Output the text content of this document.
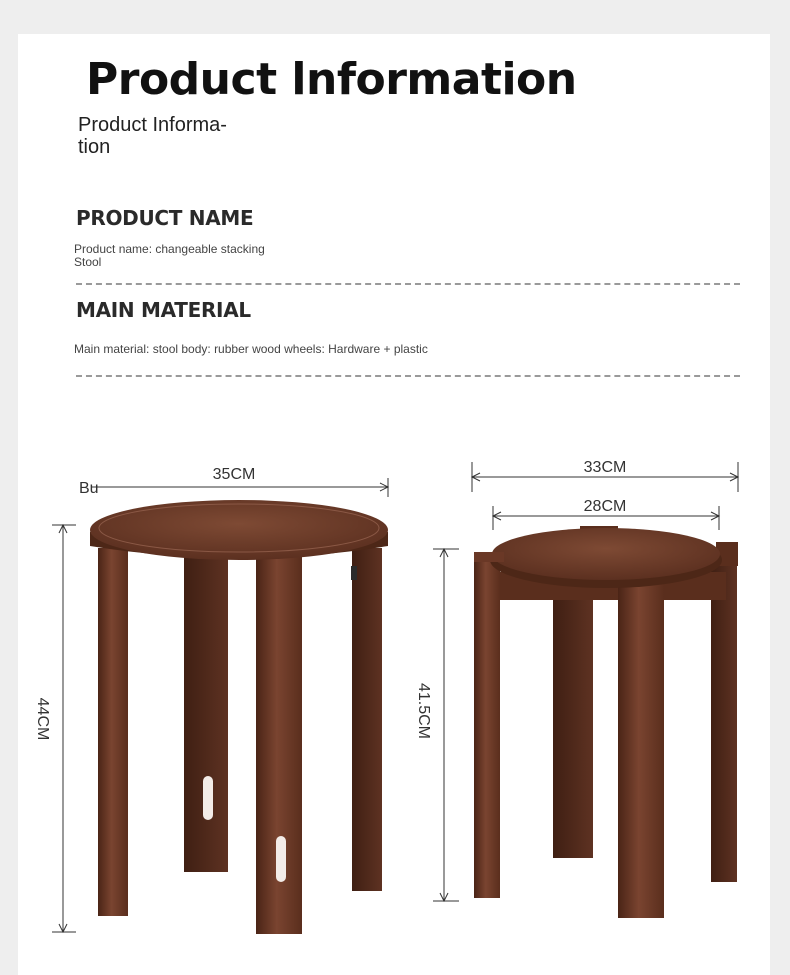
Product lnformation
Product Informa-tion
PRODUCT NAME
Product name: changeable stacking Stool
MAIN MATERIAL
Main material: stool body: rubber wood wheels: Hardware + plastic
Bu
35CM
44CM
33CM
28CM
41.5CM
